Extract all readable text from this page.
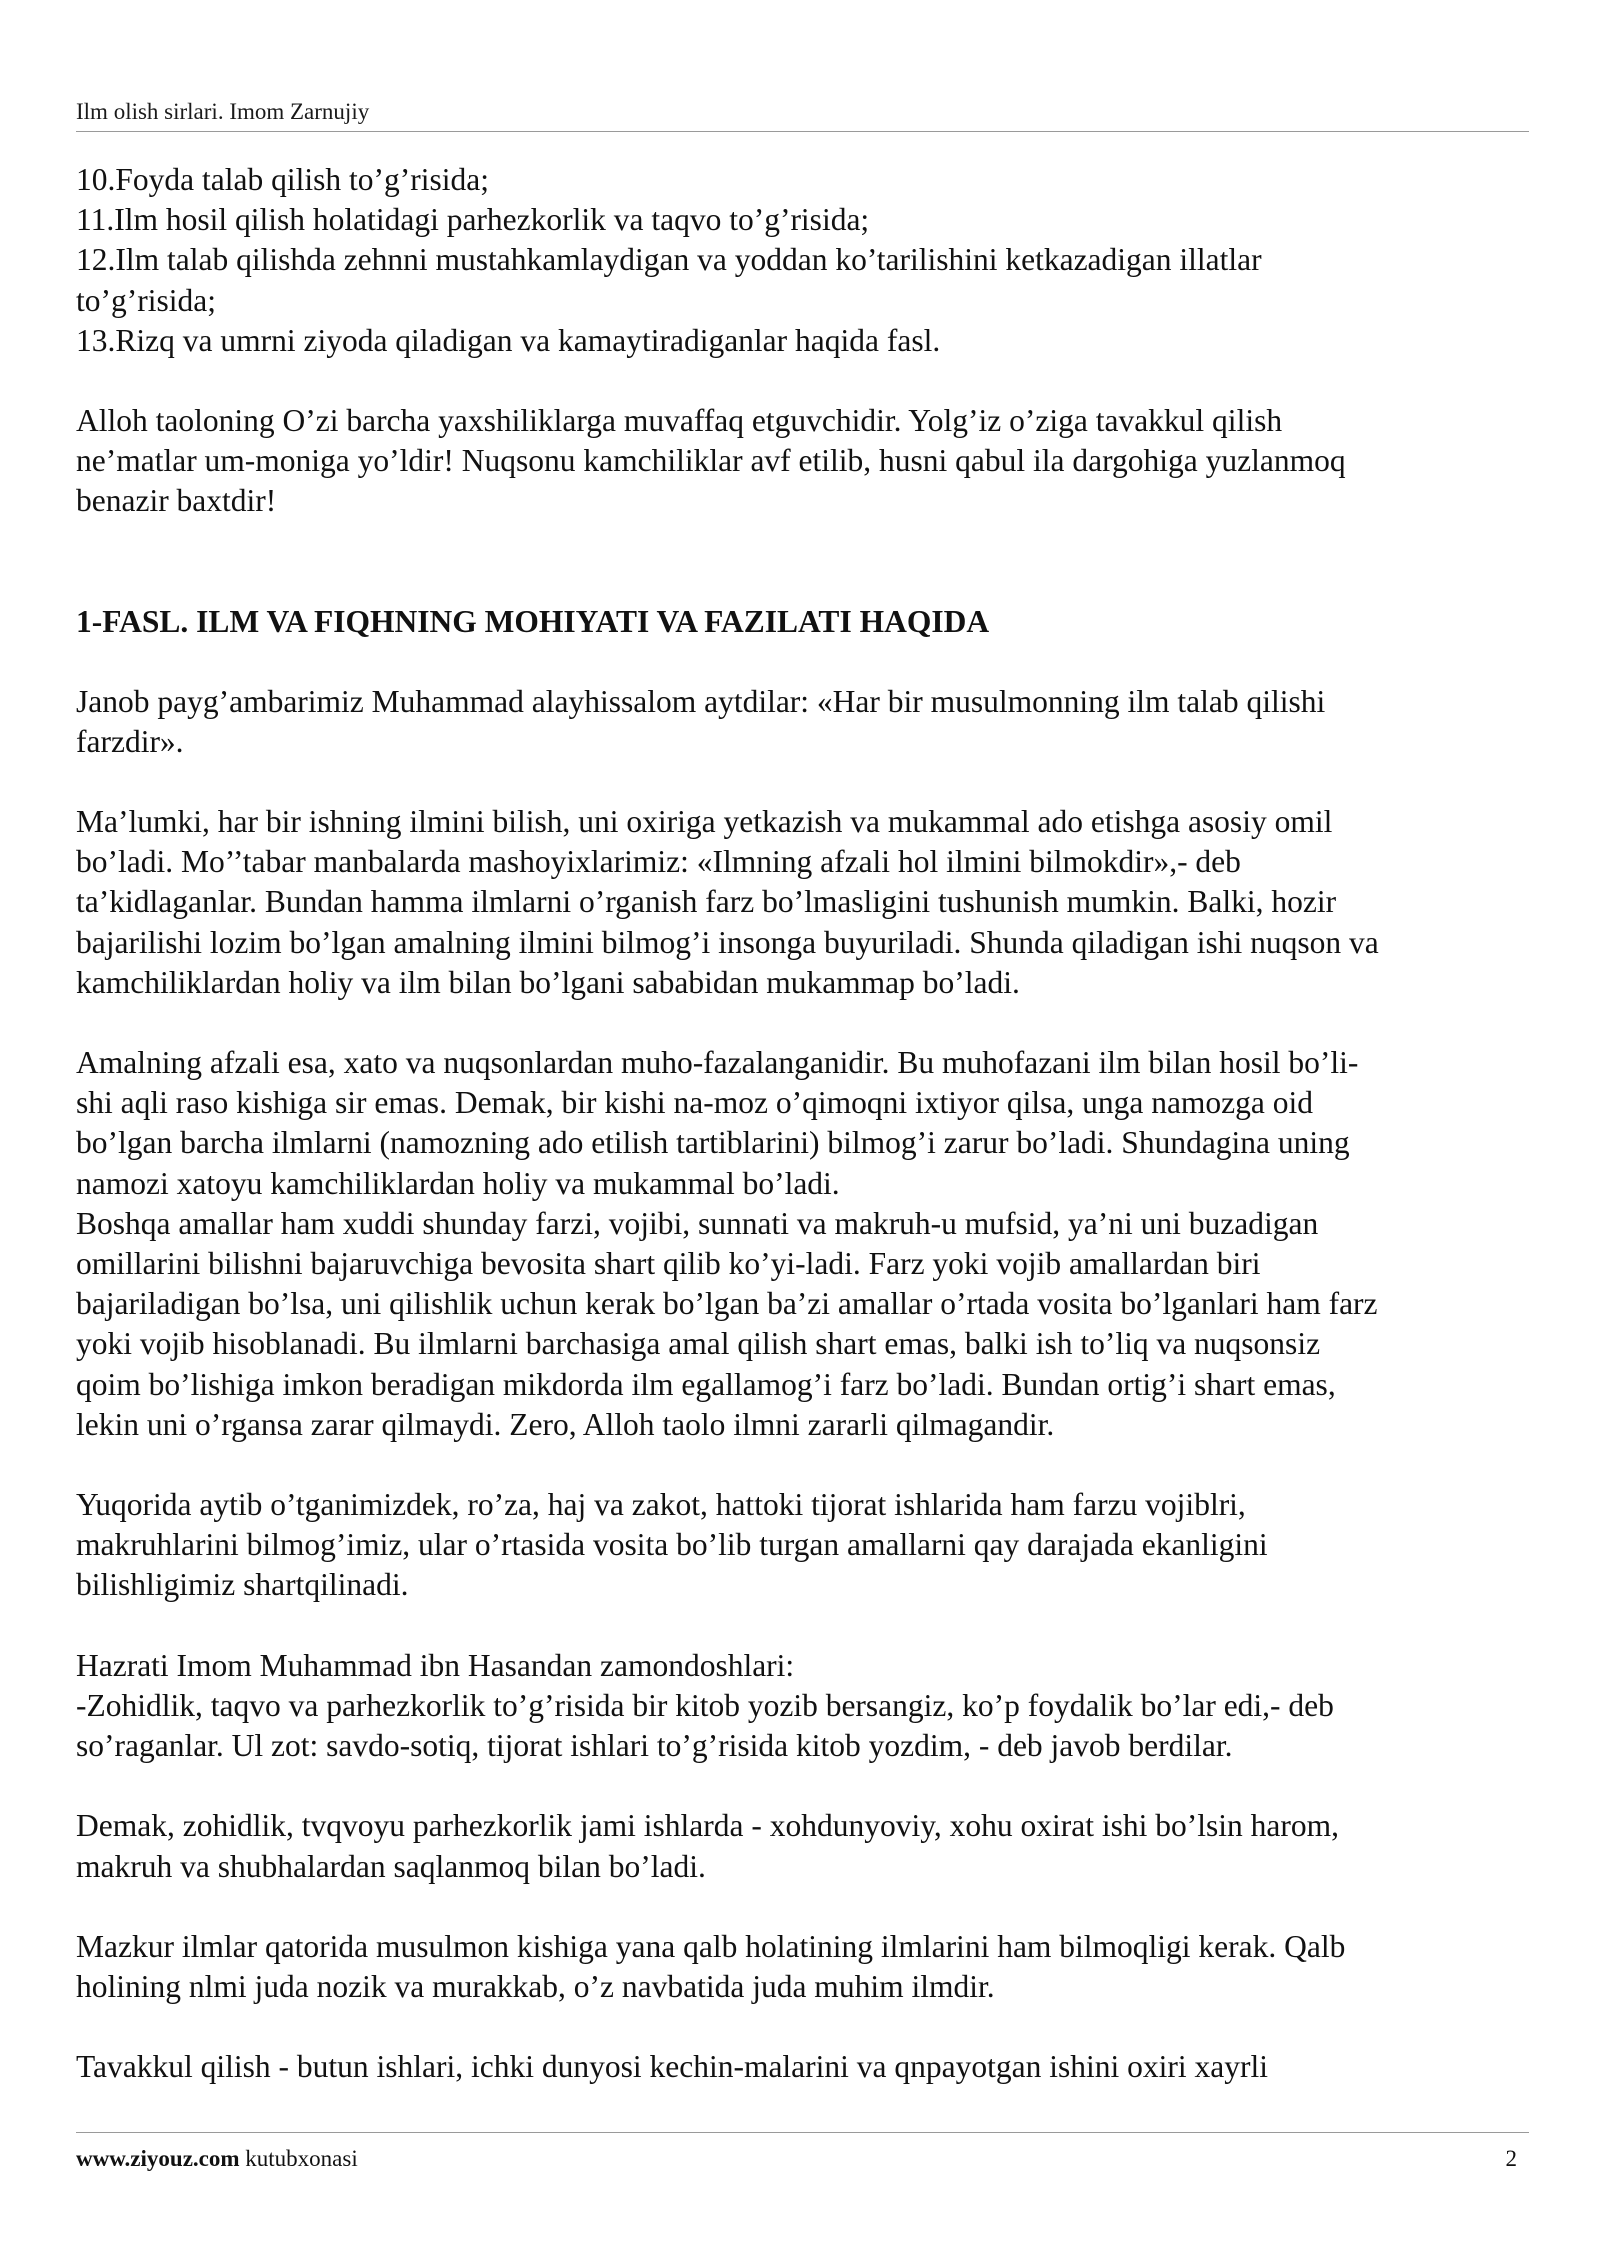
Ilm olish sirlari. Imom Zarnujiy

10.Foyda talab qilish to’g’risida;

11.Ilm hosil qilish holatidagi parhezkorlik va taqvo to’g’risida;

12.Ilm talab qilishda zehnni mustahkamlaydigan va yoddan ko’tarilishini ketkazadigan illatlar
to’g’risida;

13.Rizq va umrni ziyoda qiladigan va kamaytiradiganlar haqida fasl.

Alloh taoloning O’zi barcha yaxshiliklarga muvaffaq etguvchidir. Yolg’iz o’ziga tavakkul qilish
ne’matlar um-moniga yo’ldir! Nuqsonu kamchiliklar avf etilib, husni qabul ila dargohiga yuzlanmoq
benazir baxtdir!

1-FASL. ILM VA FIQHNING MOHIYATI VA FAZILATI HAQIDA

Janob payg’ambarimiz Muhammad alayhissalom aytdilar: «Har bir musulmonning ilm talab qilishi
farzdir».

Ma’lumki, har bir ishning ilmini bilish, uni oxiriga yetkazish va mukammal ado etishga asosiy omil
bo’ladi. Mo’’tabar manbalarda mashoyixlarimiz: «Ilmning afzali hol ilmini bilmokdir»,- deb
ta’kidlaganlar. Bundan hamma ilmlarni o’rganish farz bo’lmasligini tushunish mumkin. Balki, hozir
bajarilishi lozim bo’lgan amalning ilmini bilmog’i insonga buyuriladi. Shunda qiladigan ishi nuqson va
kamchiliklardan holiy va ilm bilan bo’lgani sababidan mukammap bo’ladi.

Amalning afzali esa, xato va nuqsonlardan muho-fazalanganidir. Bu muhofazani ilm bilan hosil bo’li-
shi aqli raso kishiga sir emas. Demak, bir kishi na-moz o’qimoqni ixtiyor qilsa, unga namozga oid
bo’lgan barcha ilmlarni (namozning ado etilish tartiblarini) bilmog’i zarur bo’ladi. Shundagina uning
namozi xatoyu kamchiliklardan holiy va mukammal bo’ladi.
Boshqa amallar ham xuddi shunday farzi, vojibi, sunnati va makruh-u mufsid, ya’ni uni buzadigan
omillarini bilishni bajaruvchiga bevosita shart qilib ko’yi-ladi. Farz yoki vojib amallardan biri
bajariladigan bo’lsa, uni qilishlik uchun kerak bo’lgan ba’zi amallar o’rtada vosita bo’lganlari ham farz
yoki vojib hisoblanadi. Bu ilmlarni barchasiga amal qilish shart emas, balki ish to’liq va nuqsonsiz
qoim bo’lishiga imkon beradigan mikdorda ilm egallamog’i farz bo’ladi. Bundan ortig’i shart emas,
lekin uni o’rgansa zarar qilmaydi. Zero, Alloh taolo ilmni zararli qilmagandir.

Yuqorida aytib o’tganimizdek, ro’za, haj va zakot, hattoki tijorat ishlarida ham farzu vojiblri,
makruhlarini bilmog’imiz, ular o’rtasida vosita bo’lib turgan amallarni qay darajada ekanligini
bilishligimiz shartqilinadi.

Hazrati Imom Muhammad ibn Hasandan zamondoshlari:
-Zohidlik, taqvo va parhezkorlik to’g’risida bir kitob yozib bersangiz, ko’p foydalik bo’lar edi,- deb
so’raganlar. Ul zot: savdo-sotiq, tijorat ishlari to’g’risida kitob yozdim, - deb javob berdilar.

Demak, zohidlik, tvqvoyu parhezkorlik jami ishlarda - xohdunyoviy, xohu oxirat ishi bo’lsin harom,
makruh va shubhalardan saqlanmoq bilan bo’ladi.

Mazkur ilmlar qatorida musulmon kishiga yana qalb holatining ilmlarini ham bilmoqligi kerak. Qalb
holining nlmi juda nozik va murakkab, o’z navbatida juda muhim ilmdir.

Tavakkul qilish - butun ishlari, ichki dunyosi kechin-malarini va qnpayotgan ishini oxiri xayrli

www.ziyouz.com kutubxonasi	2
